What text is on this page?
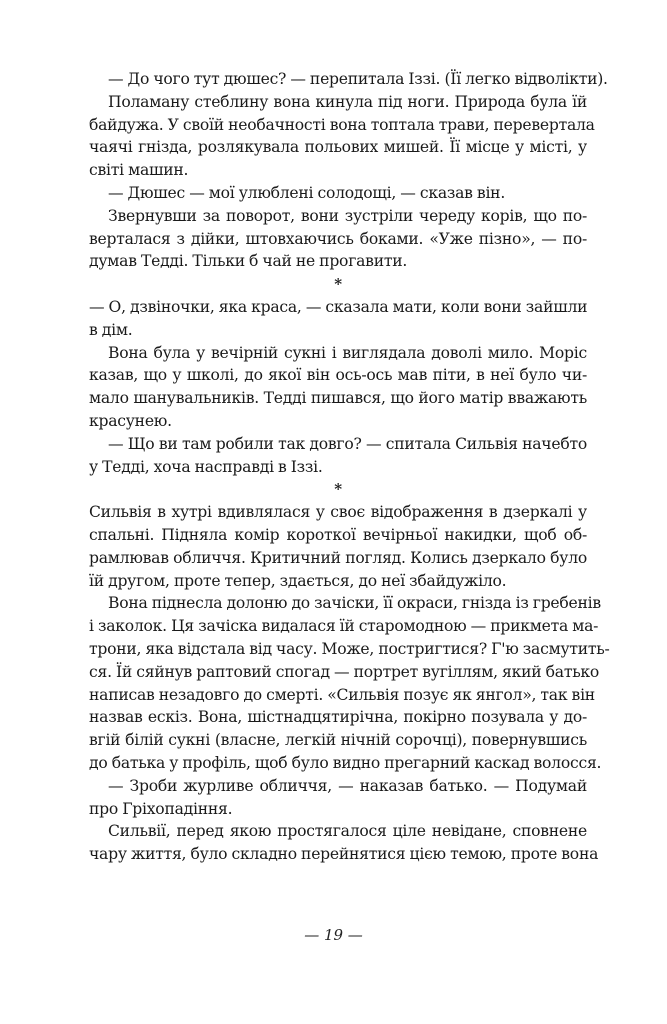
— До чого тут дюшес? — перепитала Іззі. (Її легко відволікти).
Поламану стеблину вона кинула під ноги. Природа була їй
байдужа. У своїй необачності вона топтала трави, перевертала
чаячі гнізда, розлякувала польових мишей. Її місце у місті, у
світі машин.
— Дюшес — мої улюблені солодощі, — сказав він.
Звернувши за поворот, вони зустріли череду корів, що по-
верталася з дійки, штовхаючись боками. «Уже пізно», — по-
думав Тедді. Тільки б чай не прогавити.
*
— О, дзвіночки, яка краса, — сказала мати, коли вони зайшли
в дім.
Вона була у вечірній сукні і виглядала доволі мило. Моріс
казав, що у школі, до якої він ось-ось мав піти, в неї було чи-
мало шанувальників. Тедді пишався, що його матір вважають
красунею.
— Що ви там робили так довго? — спитала Сильвія начебто
у Тедді, хоча насправді в Іззі.
*
Сильвія в хутрі вдивлялася у своє відображення в дзеркалі у
спальні. Підняла комір короткої вечірньої накидки, щоб об-
рамлював обличчя. Критичний погляд. Колись дзеркало було
їй другом, проте тепер, здається, до неї збайдужіло.
Вона піднесла долоню до зачіски, її окраси, гнізда із гребенів
і заколок. Ця зачіска видалася їй старомодною — прикмета ма-
трони, яка відстала від часу. Може, постригтися? Г'ю засмутить-
ся. Їй сяйнув раптовий спогад — портрет вугіллям, який батько
написав незадовго до смерті. «Сильвія позує як янгол», так він
назвав ескіз. Вона, шістнадцятирічна, покірно позувала у до-
вгій білій сукні (власне, легкій нічній сорочці), повернувшись
до батька у профіль, щоб було видно прегарний каскад волосся.
— Зроби журливе обличчя, — наказав батько. — Подумай
про Гріхопадіння.
Сильвії, перед якою простягалося ціле невідане, сповнене
чару життя, було складно перейнятися цією темою, проте вона
— 19 —
